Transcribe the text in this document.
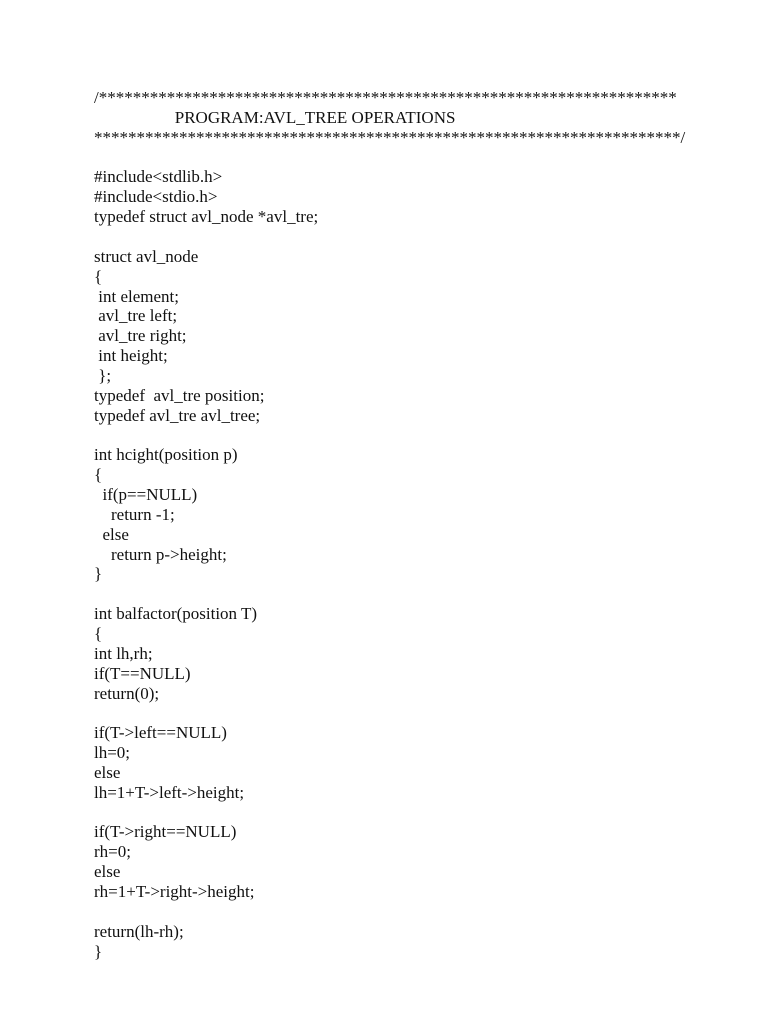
/********************************************************************
PROGRAM:AVL_TREE OPERATIONS
*********************************************************************/
#include<stdlib.h>
#include<stdio.h>
typedef struct avl_node *avl_tre;
struct avl_node
{
int element;
avl_tre left;
avl_tre right;
int height;
};
typedef  avl_tre position;
typedef avl_tre avl_tree;
int hcight(position p)
{
if(p==NULL)
return -1;
else
return p->height;
}
int balfactor(position T)
{
int lh,rh;
if(T==NULL)
return(0);
if(T->left==NULL)
lh=0;
else
lh=1+T->left->height;
if(T->right==NULL)
rh=0;
else
rh=1+T->right->height;
return(lh-rh);
}
